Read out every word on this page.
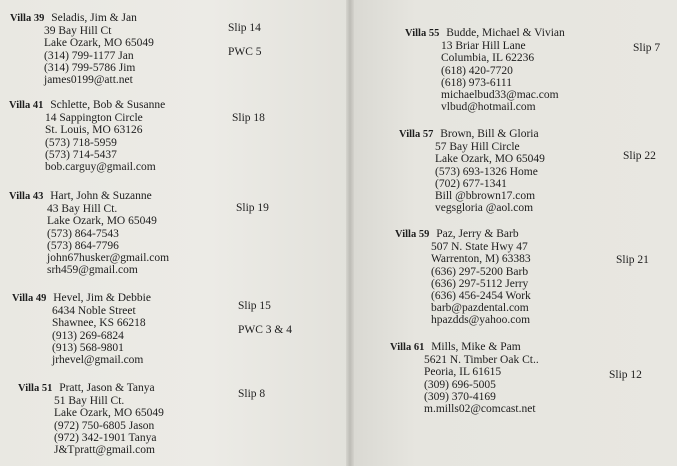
Villa 39 Seladis, Jim & Jan
39 Bay Hill Ct
Lake Ozark, MO 65049
(314) 799-1177 Jan
(314) 799-5786 Jim
james0199@att.net
Slip 14
PWC 5
Villa 41 Schlette, Bob & Susanne
14 Sappington Circle
St. Louis, MO 63126
(573) 718-5959
(573) 714-5437
bob.carguy@gmail.com
Slip 18
Villa 43 Hart, John & Suzanne
43 Bay Hill Ct.
Lake Ozark, MO 65049
(573) 864-7543
(573) 864-7796
john67husker@gmail.com
srh459@gmail.com
Slip 19
Villa 49 Hevel, Jim & Debbie
6434 Noble Street
Shawnee, KS 66218
(913) 269-6824
(913) 568-9801
jrhevel@gmail.com
Slip 15
PWC 3 & 4
Villa 51 Pratt, Jason & Tanya
51 Bay Hill Ct.
Lake Ozark, MO 65049
(972) 750-6805 Jason
(972) 342-1901 Tanya
J&Tpratt@gmail.com
Slip 8
Villa 55 Budde, Michael & Vivian
13 Briar Hill Lane
Columbia, IL 62236
(618) 420-7720
(618) 973-6111
michaelbud33@mac.com
vlbud@hotmail.com
Slip 7
Villa 57 Brown, Bill & Gloria
57 Bay Hill Circle
Lake Ozark, MO 65049
(573) 693-1326 Home
(702) 677-1341
Bill @bbrown17.com
vegsgloria @aol.com
Slip 22
Villa 59 Paz, Jerry & Barb
507 N. State Hwy 47
Warrenton, M) 63383
(636) 297-5200 Barb
(636) 297-5112 Jerry
(636) 456-2454 Work
barb@pazdental.com
hpazdds@yahoo.com
Slip 21
Villa 61 Mills, Mike & Pam
5621 N. Timber Oak Ct..
Peoria, IL 61615
(309) 696-5005
(309) 370-4169
m.mills02@comcast.net
Slip 12
